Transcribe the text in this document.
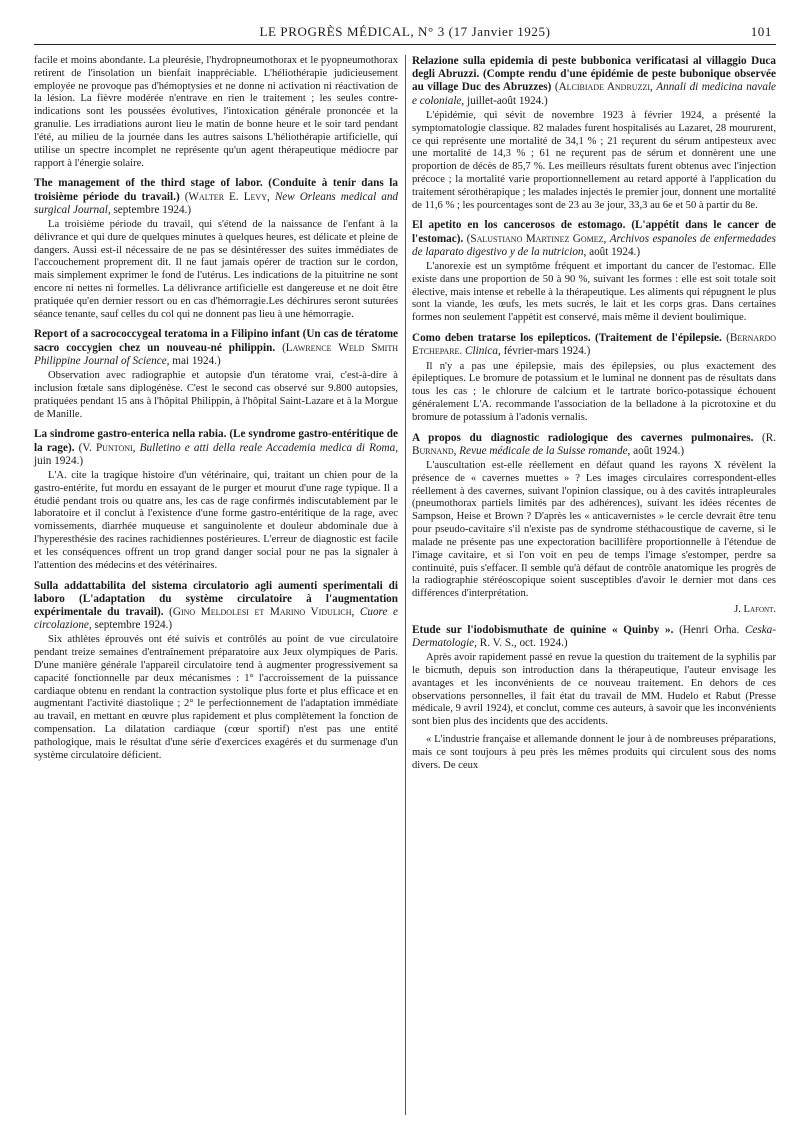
LE PROGRÈS MÉDICAL, N° 3 (17 Janvier 1925)	101

facile et moins abondante. La pleurésie, l'hydropneumothorax et le pyopneumothorax retirent de l'insolation un bienfait inappréciable. L'héliothérapie judicieusement employée ne provoque pas d'hémoptysies et ne donne ni activation ni réactivation de la lésion. La fièvre modérée n'entrave en rien le traitement ; les seules contre-indications sont les poussées évolutives, l'intoxication générale prononcée et la granulie. Les irradiations auront lieu le matin de bonne heure et le soir tard pendant l'été, au milieu de la journée dans les autres saisons L'héliothérapie artificielle, qui utilise un spectre incomplet ne représente qu'un agent thérapeutique médiocre par rapport à l'énergie solaire.

The management of the third stage of labor. (Conduite à tenir dans la troisième période du travail.) (Walter E. Levy, New Orleans medical and surgical Journal, septembre 1924.)

La troisième période du travail, qui s'étend de la naissance de l'enfant à la délivrance et qui dure de quelques minutes à quelques heures, est délicate et pleine de dangers. Aussi est-il nécessaire de ne pas se désintéresser des suites immédiates de l'accouchement proprement dit. Il ne faut jamais opérer de traction sur le cordon, mais simplement exprimer le fond de l'utérus. Les indications de la pituitrine ne sont encore ni nettes ni formelles. La délivrance artificielle est dangereuse et ne doit être pratiquée qu'en dernier ressort ou en cas d'hémorragie.Les déchirures seront suturées séance tenante, sauf celles du col qui ne donnent pas lieu à une hémorragie.

Report of a sacrococcygeal teratoma in a Filipino infant (Un cas de tératome sacro coccygien chez un nouveau-né philippin. (Lawrence Weld Smith Philippine Journal of Science, mai 1924.)

Observation avec radiographie et autopsie d'un tératome vrai, c'est-à-dire à inclusion fœtale sans diplogénèse. C'est le second cas observé sur 9.800 autopsies, pratiquées pendant 15 ans à l'hôpital Philippin, à l'hôpital Saint-Lazare et à la Morgue de Manille.

La sindrome gastro-enterica nella rabia. (Le syndrome gastro-entéritique de la rage). (V. Puntoni, Bulletino e atti della reale Accademia medica di Roma, juin 1924.)

L'A. cite la tragique histoire d'un vétérinaire, qui, traitant un chien pour de la gastro-entérite, fut mordu en essayant de le purger et mourut d'une rage typique. Il a étudié pendant trois ou quatre ans, les cas de rage confirmés indiscutablement par le laboratoire et il conclut à l'existence d'une forme gastro-entéritique de la rage, avec vomissements, diarrhée muqueuse et sanguinolente et douleur abdominale due à l'hyperesthésie des racines rachidiennes postérieures. L'erreur de diagnostic est facile et les conséquences offrent un trop grand danger social pour ne pas la signaler à l'attention des médecins et des vétérinaires.

Sulla addattabilita del sistema circulatorio agli aumenti sperimentali di laboro (L'adaptation du système circulatoire à l'augmentation expérimentale du travail). (Gino Meldolesi et Marino Vidulich, Cuore e circolazione, septembre 1924.)

Six athlètes éprouvés ont été suivis et contrôlés au point de vue circulatoire pendant treize semaines d'entraînement préparatoire aux Jeux olympiques de Paris. D'une manière générale l'appareil circulatoire tend à augmenter progressivement sa capacité fonctionnelle par deux mécanismes : 1° l'accroissement de la puissance cardiaque obtenu en rendant la contraction systolique plus forte et plus efficace et en augmentant l'activité diastolique ; 2° le perfectionnement de l'adaptation immédiate au travail, en mettant en œuvre plus rapidement et plus complètement la fonction de compensation. La dilatation cardiaque (cœur sportif) n'est pas une entité pathologique, mais le résultat d'une série d'exercices exagérés et du surmenage d'un système circulatoire déficient.

Relazione sulla epidemia di peste bubbonica verificatasi al villaggio Duca degli Abruzzi. (Compte rendu d'une épidémie de peste bubonique observée au village Duc des Abruzzes) (Alcibiade Andruzzi, Annali di medicina navale e coloniale, juillet-août 1924.)

L'épidémie, qui sévit de novembre 1923 à février 1924, a présenté la symptomatologie classique. 82 malades furent hospitalisés au Lazaret, 28 moururent, ce qui représente une mortalité de 34,1 % ; 21 reçurent du sérum antipesteux avec une mortalité de 14,3 % ; 61 ne reçurent pas de sérum et donnèrent une une proportion de décès de 85,7 %. Les meilleurs résultats furent obtenus avec l'injection précoce ; la mortalité varie proportionnellement au retard apporté à l'application du traitement sérothérapique ; les malades injectés le premier jour, donnent une mortalité de 11,6 % ; les pourcentages sont de 23 au 3e jour, 33,3 au 6e et 50 à partir du 8e.

El apetito en los cancerosos de estomago. (L'appétit dans le cancer de l'estomac). (Salustiano Martinez Gomez, Archivos espanoles de enfermedades de laparato digestivo y de la nutricion, août 1924.)

L'anorexie est un symptôme fréquent et important du cancer de l'estomac. Elle existe dans une proportion de 50 à 90 %, suivant les formes : elle est soit totale soit élective, mais intense et rebelle à la thérapeutique. Les aliments qui répugnent le plus sont la viande, les œufs, les mets sucrés, le lait et les corps gras. Dans certaines formes non seulement l'appétit est conservé, mais même il devient boulimique.

Como deben tratarse los epilepticos. (Traitement de l'épilepsie. (Bernardo Etchepare. Clinica, février-mars 1924.)

Il n'y a pas une épilepsie, mais des épilepsies, ou plus exactement des épileptiques. Le bromure de potassium et le luminal ne donnent pas de résultats dans tous les cas ; le chlorure de calcium et le tartrate borico-potassique échouent généralement L'A. recommande l'association de la belladone à la picrotoxine et du bromure de potassium à l'adonis vernalis.

A propos du diagnostic radiologique des cavernes pulmonaires. (R. Burnand, Revue médicale de la Suisse romande, août 1924.)

L'auscultation est-elle réellement en défaut quand les rayons X révèlent la présence de « cavernes muettes » ? Les images circulaires correspondent-elles réellement à des cavernes, suivant l'opinion classique, ou à des cavités intrapleurales (pneumothorax partiels limités par des adhérences), suivant les idées récentes de Sampson, Heise et Brown ? D'après les « anticavernistes » le cercle devrait être tenu pour pseudo-cavitaire s'il n'existe pas de syndrome stéthacoustique de caverne, si le malade ne présente pas une expectoration bacillifère proportionnelle à l'étendue de l'image cavitaire, et si l'on voit en peu de temps l'image s'estomper, perdre sa continuité, puis s'effacer. Il semble qu'à défaut de contrôle anatomique les progrès de la radiographie stéréoscopique soient susceptibles d'avoir le dernier mot dans ces différences d'interprétation.

J. Lafont.
Etude sur l'iodobismuthate de quinine « Quinby ». (Henri Orha. Ceska-Dermatologie, R. V. S., oct. 1924.)

Après avoir rapidement passé en revue la question du traitement de la syphilis par le bicmuth, depuis son introduction dans la thérapeutique, l'auteur envisage les avantages et les inconvénients de ce nouveau traitement. En dehors de ces observations personnelles, il fait état du travail de MM. Hudelo et Rabut (Presse médicale, 9 avril 1924), et conclut, comme ces auteurs, à savoir que les inconvénients sont bien plus des incidents que des accidents.

« L'industrie française et allemande donnent le jour à de nombreuses préparations, mais ce sont toujours à peu près les mêmes produits qui circulent sous des noms divers. De ceux
